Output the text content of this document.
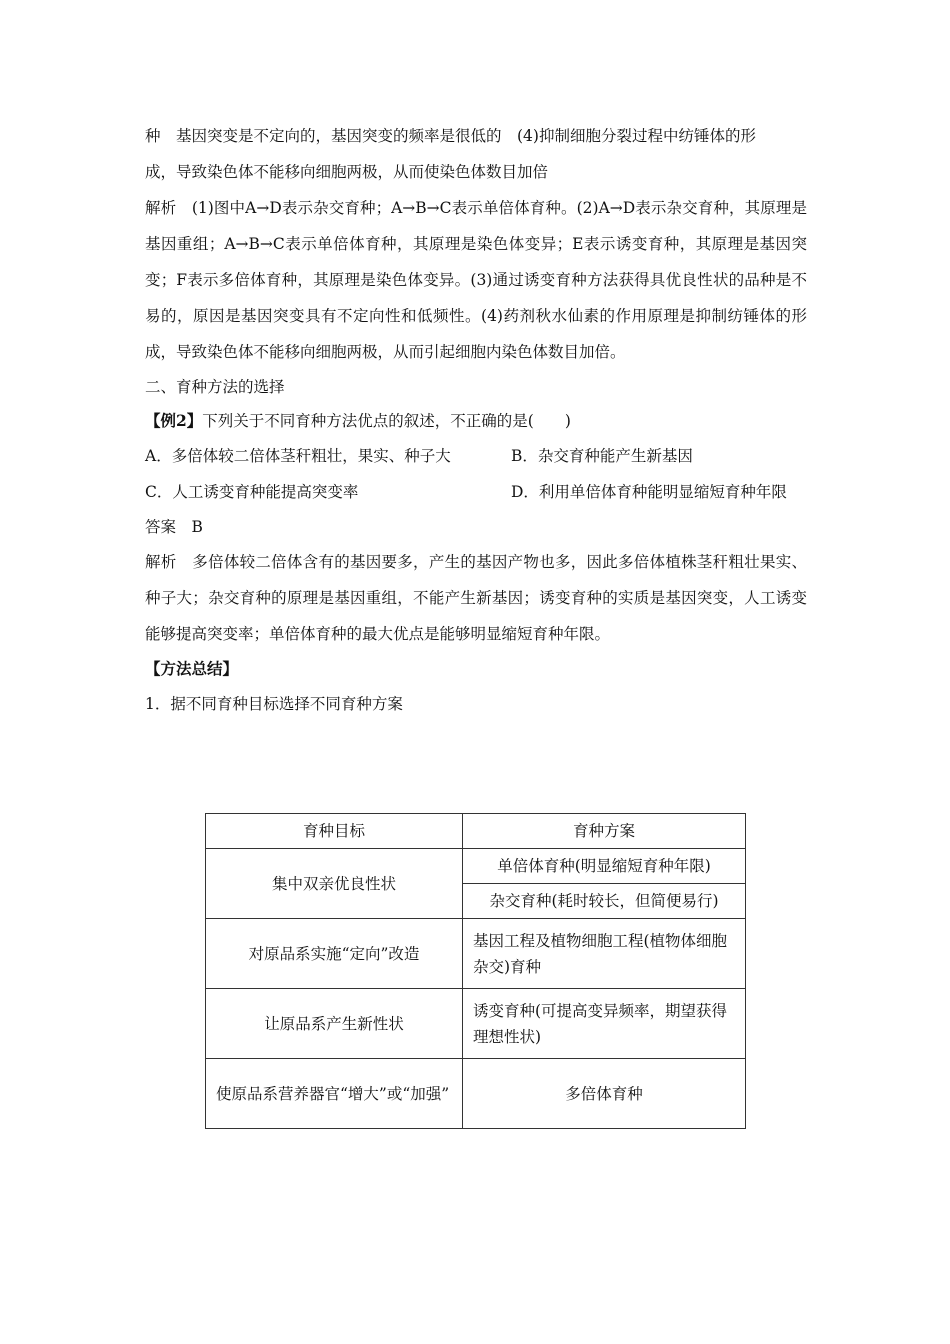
种　基因突变是不定向的，基因突变的频率是很低的　(4)抑制细胞分裂过程中纺锤体的形

成，导致染色体不能移向细胞两极，从而使染色体数目加倍

解析　(1)图中A→D表示杂交育种；A→B→C表示单倍体育种。(2)A→D表示杂交育种，其原理是基因重组；A→B→C表示单倍体育种，其原理是染色体变异；E表示诱变育种，其原理是基因突变；F表示多倍体育种，其原理是染色体变异。(3)通过诱变育种方法获得具优良性状的品种是不易的，原因是基因突变具有不定向性和低频性。(4)药剂秋水仙素的作用原理是抑制纺锤体的形成，导致染色体不能移向细胞两极，从而引起细胞内染色体数目加倍。

二、育种方法的选择

【例2】下列关于不同育种方法优点的叙述，不正确的是(　　)

A．多倍体较二倍体茎秆粗壮，果实、种子大	B．杂交育种能产生新基因
C．人工诱变育种能提高突变率	D．利用单倍体育种能明显缩短育种年限

答案　B

解析　多倍体较二倍体含有的基因要多，产生的基因产物也多，因此多倍体植株茎秆粗壮果实、种子大；杂交育种的原理是基因重组，不能产生新基因；诱变育种的实质是基因突变，人工诱变能够提高突变率；单倍体育种的最大优点是能够明显缩短育种年限。

【方法总结】

1．据不同育种目标选择不同育种方案

育种目标	育种方案
集中双亲优良性状	单倍体育种(明显缩短育种年限)
	杂交育种(耗时较长，但简便易行)
对原品系实施“定向”改造	基因工程及植物细胞工程(植物体细胞杂交)育种
让原品系产生新性状	诱变育种(可提高变异频率，期望获得理想性状)
使原品系营养器官“增大”或“加强”	多倍体育种
